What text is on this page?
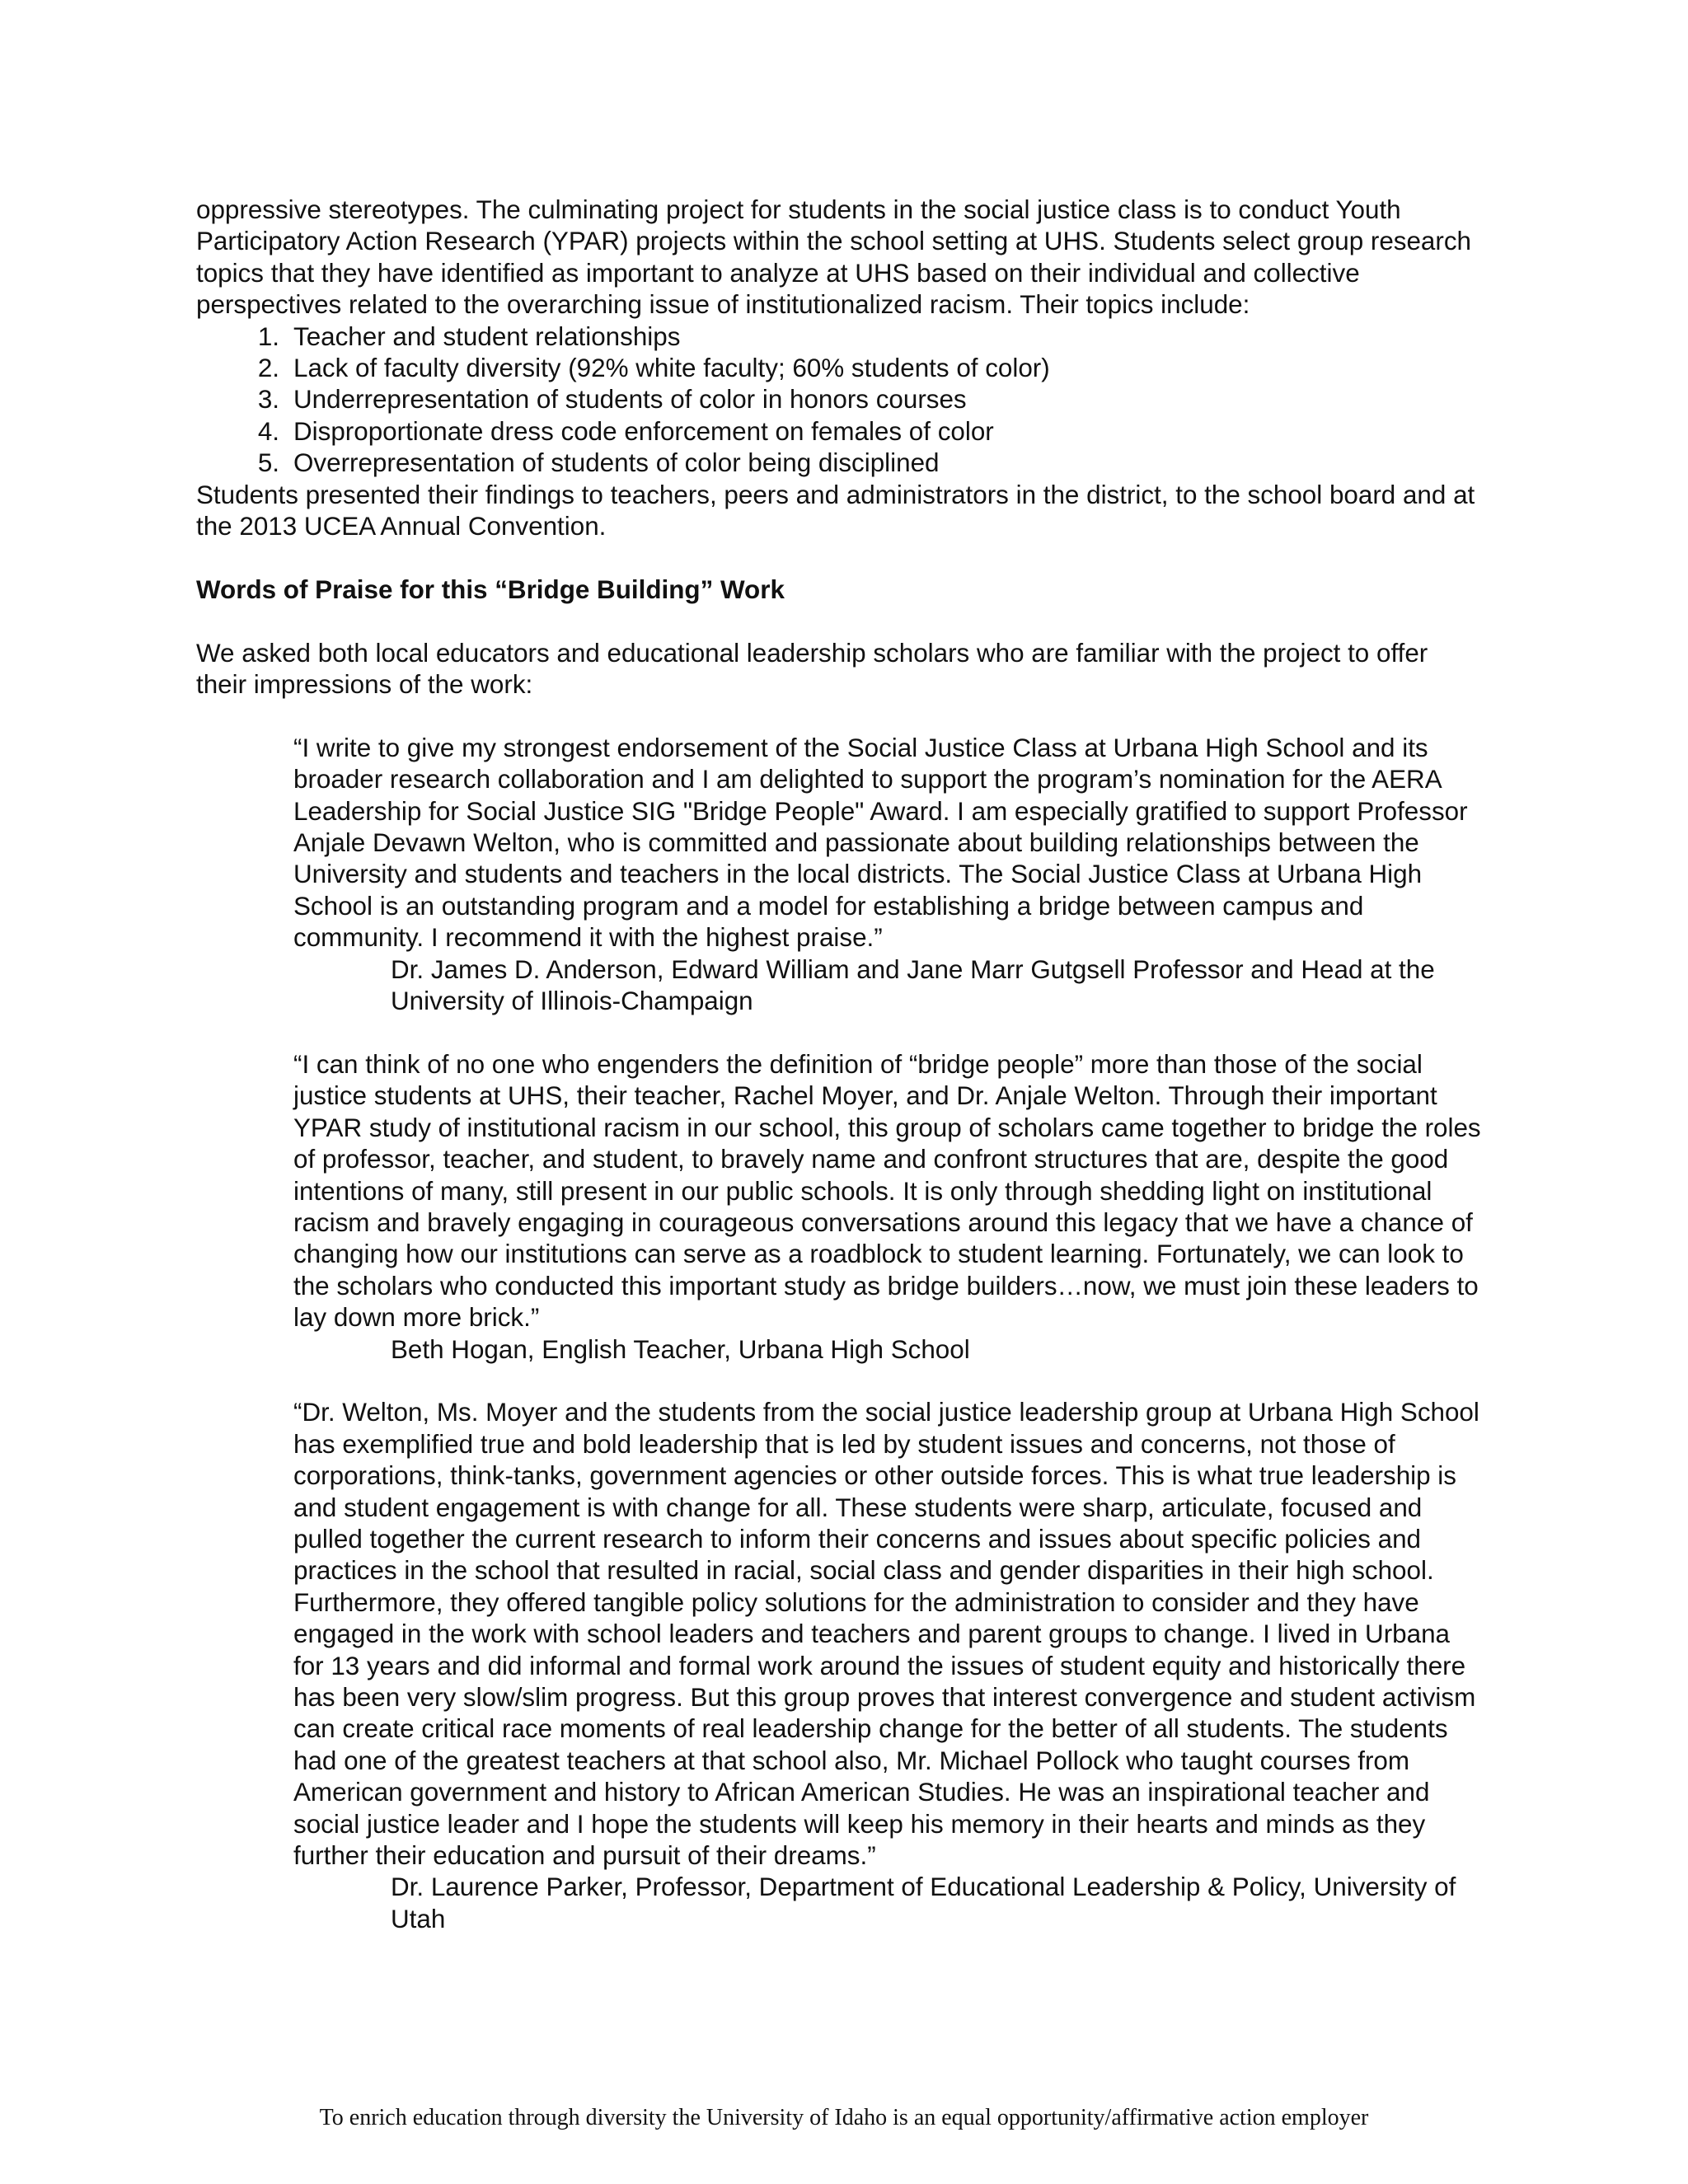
oppressive stereotypes. The culminating project for students in the social justice class is to conduct Youth Participatory Action Research (YPAR) projects within the school setting at UHS. Students select group research topics that they have identified as important to analyze at UHS based on their individual and collective perspectives related to the overarching issue of institutionalized racism. Their topics include:

1. Teacher and student relationships
2. Lack of faculty diversity (92% white faculty; 60% students of color)
3. Underrepresentation of students of color in honors courses
4. Disproportionate dress code enforcement on females of color
5. Overrepresentation of students of color being disciplined

Students presented their findings to teachers, peers and administrators in the district, to the school board and at the 2013 UCEA Annual Convention.

Words of Praise for this “Bridge Building” Work

We asked both local educators and educational leadership scholars who are familiar with the project to offer their impressions of the work:

“I write to give my strongest endorsement of the Social Justice Class at Urbana High School and its broader research collaboration and I am delighted to support the program’s nomination for the AERA Leadership for Social Justice SIG "Bridge People" Award. I am especially gratified to support Professor Anjale Devawn Welton, who is committed and passionate about building relationships between the University and students and teachers in the local districts. The Social Justice Class at Urbana High School is an outstanding program and a model for establishing a bridge between campus and community. I recommend it with the highest praise.”

Dr. James D. Anderson, Edward William and Jane Marr Gutgsell Professor and Head at the University of Illinois-Champaign

“I can think of no one who engenders the definition of “bridge people” more than those of the social justice students at UHS, their teacher, Rachel Moyer, and Dr. Anjale Welton. Through their important YPAR study of institutional racism in our school, this group of scholars came together to bridge the roles of professor, teacher, and student, to bravely name and confront structures that are, despite the good intentions of many, still present in our public schools. It is only through shedding light on institutional racism and bravely engaging in courageous conversations around this legacy that we have a chance of changing how our institutions can serve as a roadblock to student learning. Fortunately, we can look to the scholars who conducted this important study as bridge builders…now, we must join these leaders to lay down more brick.”

Beth Hogan, English Teacher, Urbana High School

“Dr. Welton, Ms. Moyer and the students from the social justice leadership group at Urbana High School has exemplified true and bold leadership that is led by student issues and concerns, not those of corporations, think-tanks, government agencies or other outside forces. This is what true leadership is and student engagement is with change for all. These students were sharp, articulate, focused and pulled together the current research to inform their concerns and issues about specific policies and practices in the school that resulted in racial, social class and gender disparities in their high school. Furthermore, they offered tangible policy solutions for the administration to consider and they have engaged in the work with school leaders and teachers and parent groups to change. I lived in Urbana for 13 years and did informal and formal work around the issues of student equity and historically there has been very slow/slim progress. But this group proves that interest convergence and student activism can create critical race moments of real leadership change for the better of all students. The students had one of the greatest teachers at that school also, Mr. Michael Pollock who taught courses from American government and history to African American Studies. He was an inspirational teacher and social justice leader and I hope the students will keep his memory in their hearts and minds as they further their education and pursuit of their dreams.”

Dr. Laurence Parker, Professor, Department of Educational Leadership & Policy, University of Utah

To enrich education through diversity the University of Idaho is an equal opportunity/affirmative action employer
